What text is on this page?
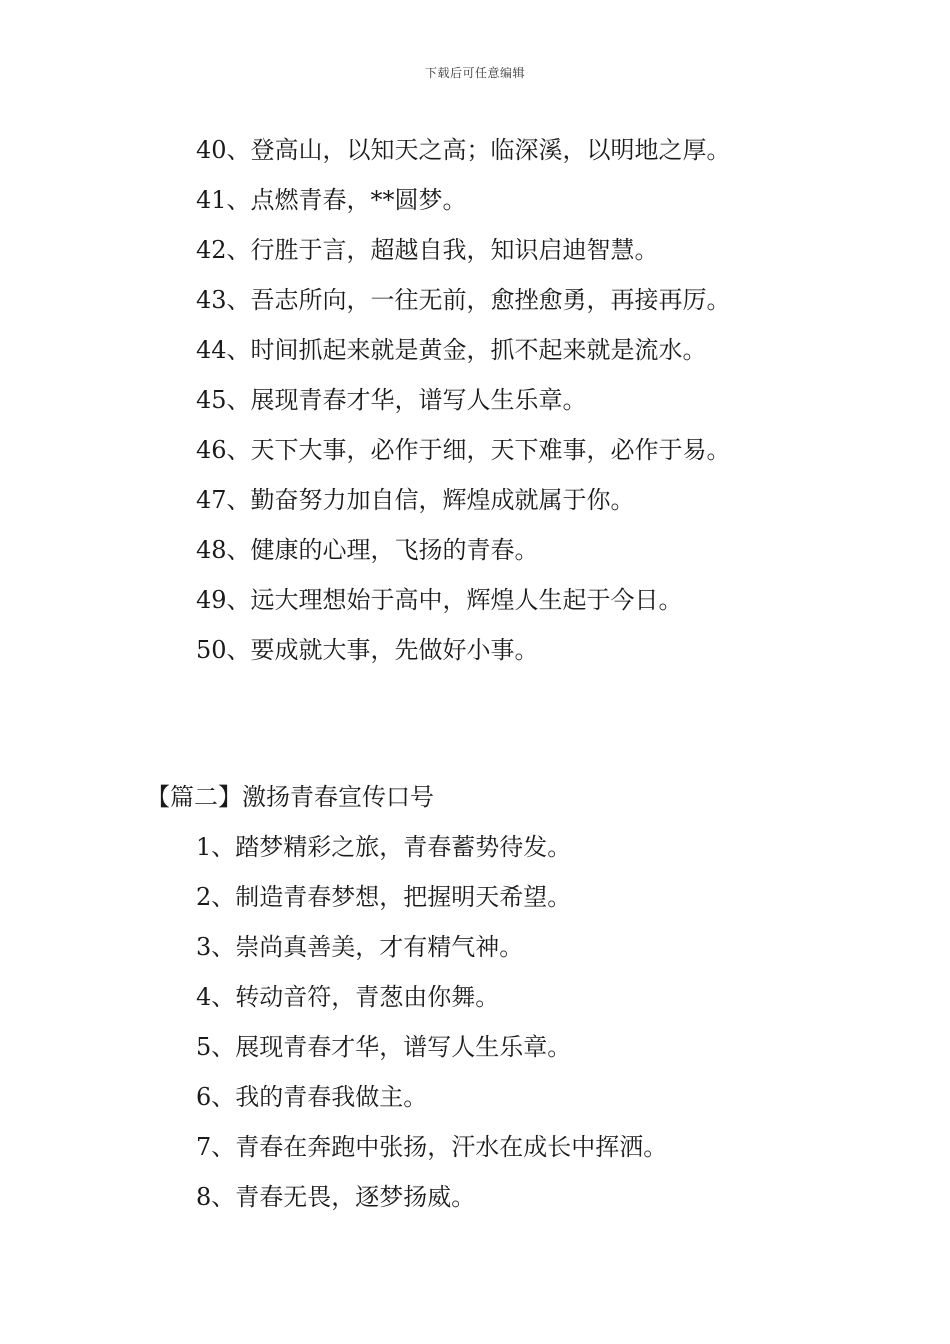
下载后可任意编辑
40、登高山，以知天之高；临深溪，以明地之厚。
41、点燃青春，**圆梦。
42、行胜于言，超越自我，知识启迪智慧。
43、吾志所向，一往无前，愈挫愈勇，再接再厉。
44、时间抓起来就是黄金，抓不起来就是流水。
45、展现青春才华，谱写人生乐章。
46、天下大事，必作于细，天下难事，必作于易。
47、勤奋努力加自信，辉煌成就属于你。
48、健康的心理，飞扬的青春。
49、远大理想始于高中，辉煌人生起于今日。
50、要成就大事，先做好小事。
【篇二】激扬青春宣传口号
1、踏梦精彩之旅，青春蓄势待发。
2、制造青春梦想，把握明天希望。
3、崇尚真善美，才有精气神。
4、转动音符，青葱由你舞。
5、展现青春才华，谱写人生乐章。
6、我的青春我做主。
7、青春在奔跑中张扬，汗水在成长中挥洒。
8、青春无畏，逐梦扬威。
